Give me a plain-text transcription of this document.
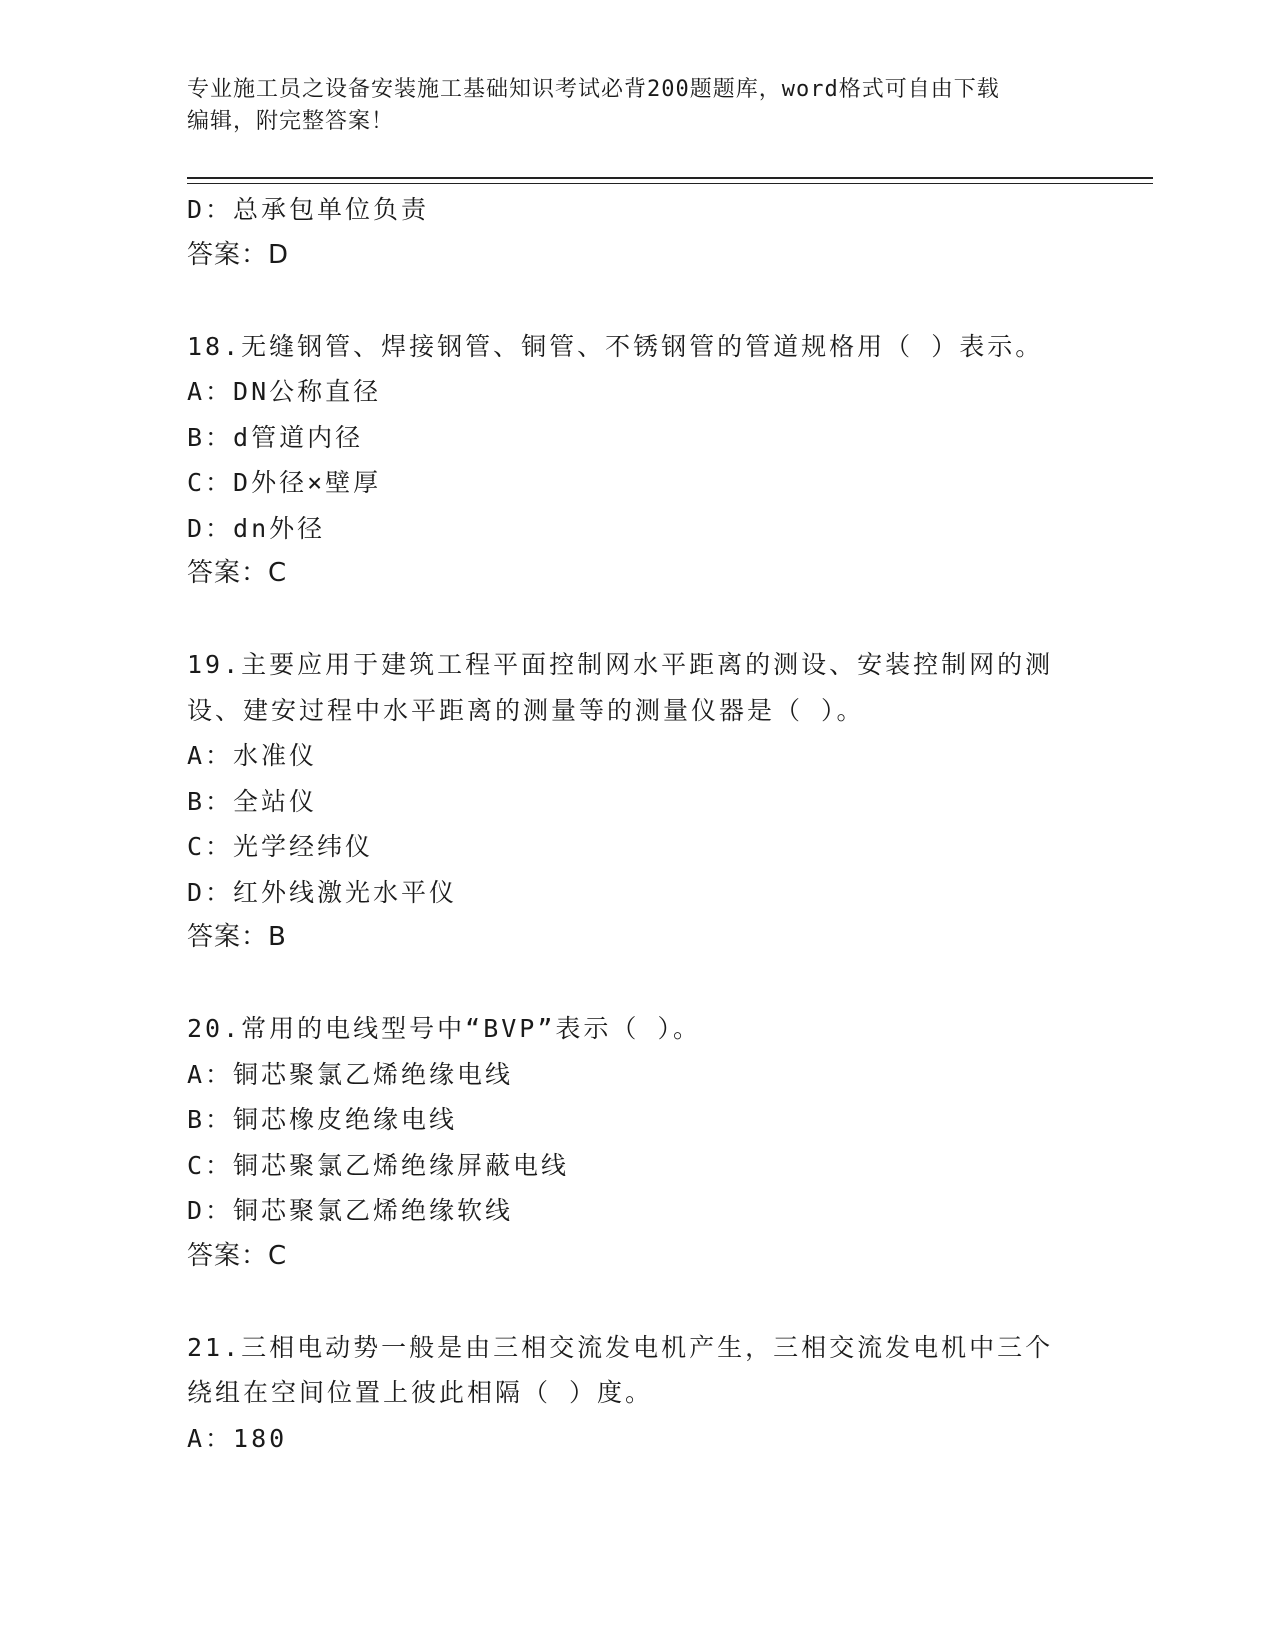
专业施工员之设备安装施工基础知识考试必背200题题库，word格式可自由下载
编辑，附完整答案！
D：总承包单位负责
答案：D
18.无缝钢管、焊接钢管、铜管、不锈钢管的管道规格用（ ）表示。
A：DN公称直径
B：d管道内径
C：D外径×壁厚
D：dn外径
答案：C
19.主要应用于建筑工程平面控制网水平距离的测设、安装控制网的测
设、建安过程中水平距离的测量等的测量仪器是（ ）。
A：水准仪
B：全站仪
C：光学经纬仪
D：红外线激光水平仪
答案：B
20.常用的电线型号中“BVP”表示（ ）。
A：铜芯聚氯乙烯绝缘电线
B：铜芯橡皮绝缘电线
C：铜芯聚氯乙烯绝缘屏蔽电线
D：铜芯聚氯乙烯绝缘软线
答案：C
21.三相电动势一般是由三相交流发电机产生，三相交流发电机中三个
绕组在空间位置上彼此相隔（ ）度。
A：180
